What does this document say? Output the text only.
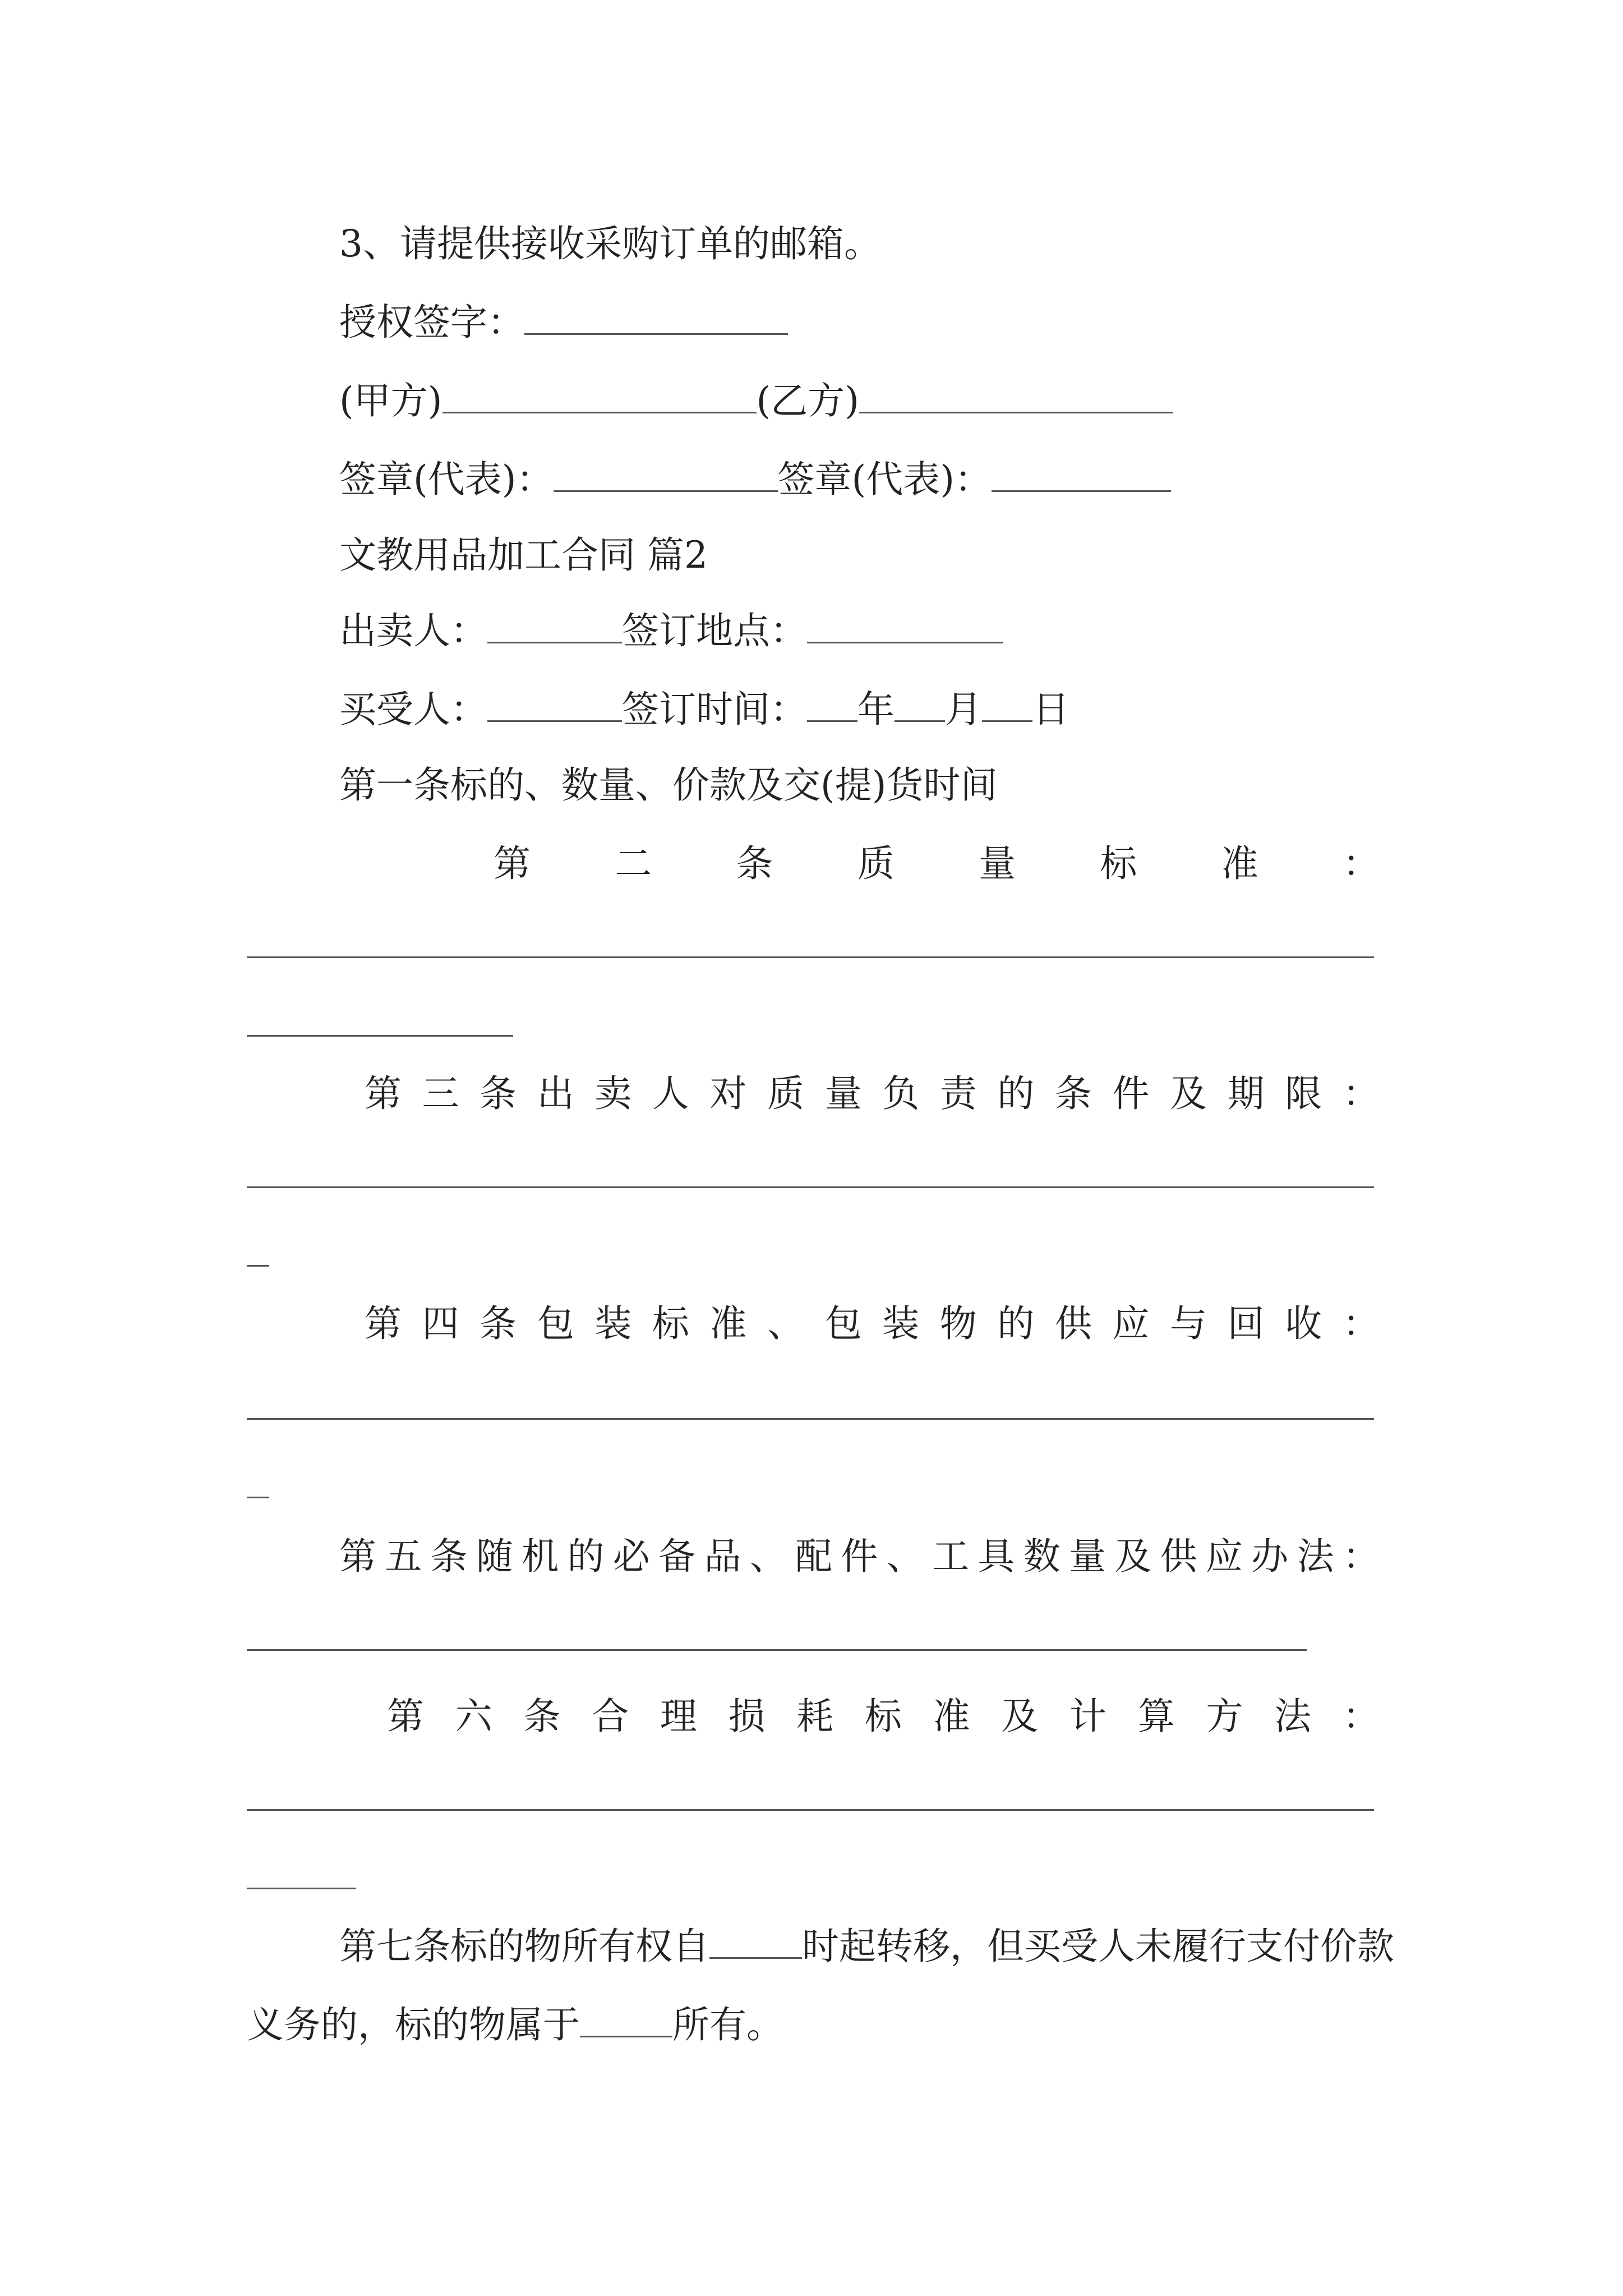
3、请提供接收采购订单的邮箱。

授权签字：

(甲方)	(乙方)

签章(代表)：	签章(代表)：

文教用品加工合同 篇2

出卖人：	签订地点：

买受人：	签订时间： 年 月 日

第一条标的、数量、价款及交(提)货时间

第 二 条 质 量 标 准 ：
第 三 条 出 卖 人 对 质 量 负 责 的 条 件 及 期 限 ：
第 四 条 包 装 标 准 、 包 装 物 的 供 应 与 回 收 ：
第 五 条 随 机 的 必 备 品 、 配 件 、 工 具 数 量 及 供 应 办 法 ：
第 六 条 合 理 损 耗 标 准 及 计 算 方 法 ：

第七条标的物所有权自	时起转移，但买受人未履行支付价款义务的，标的物属于	所有。
